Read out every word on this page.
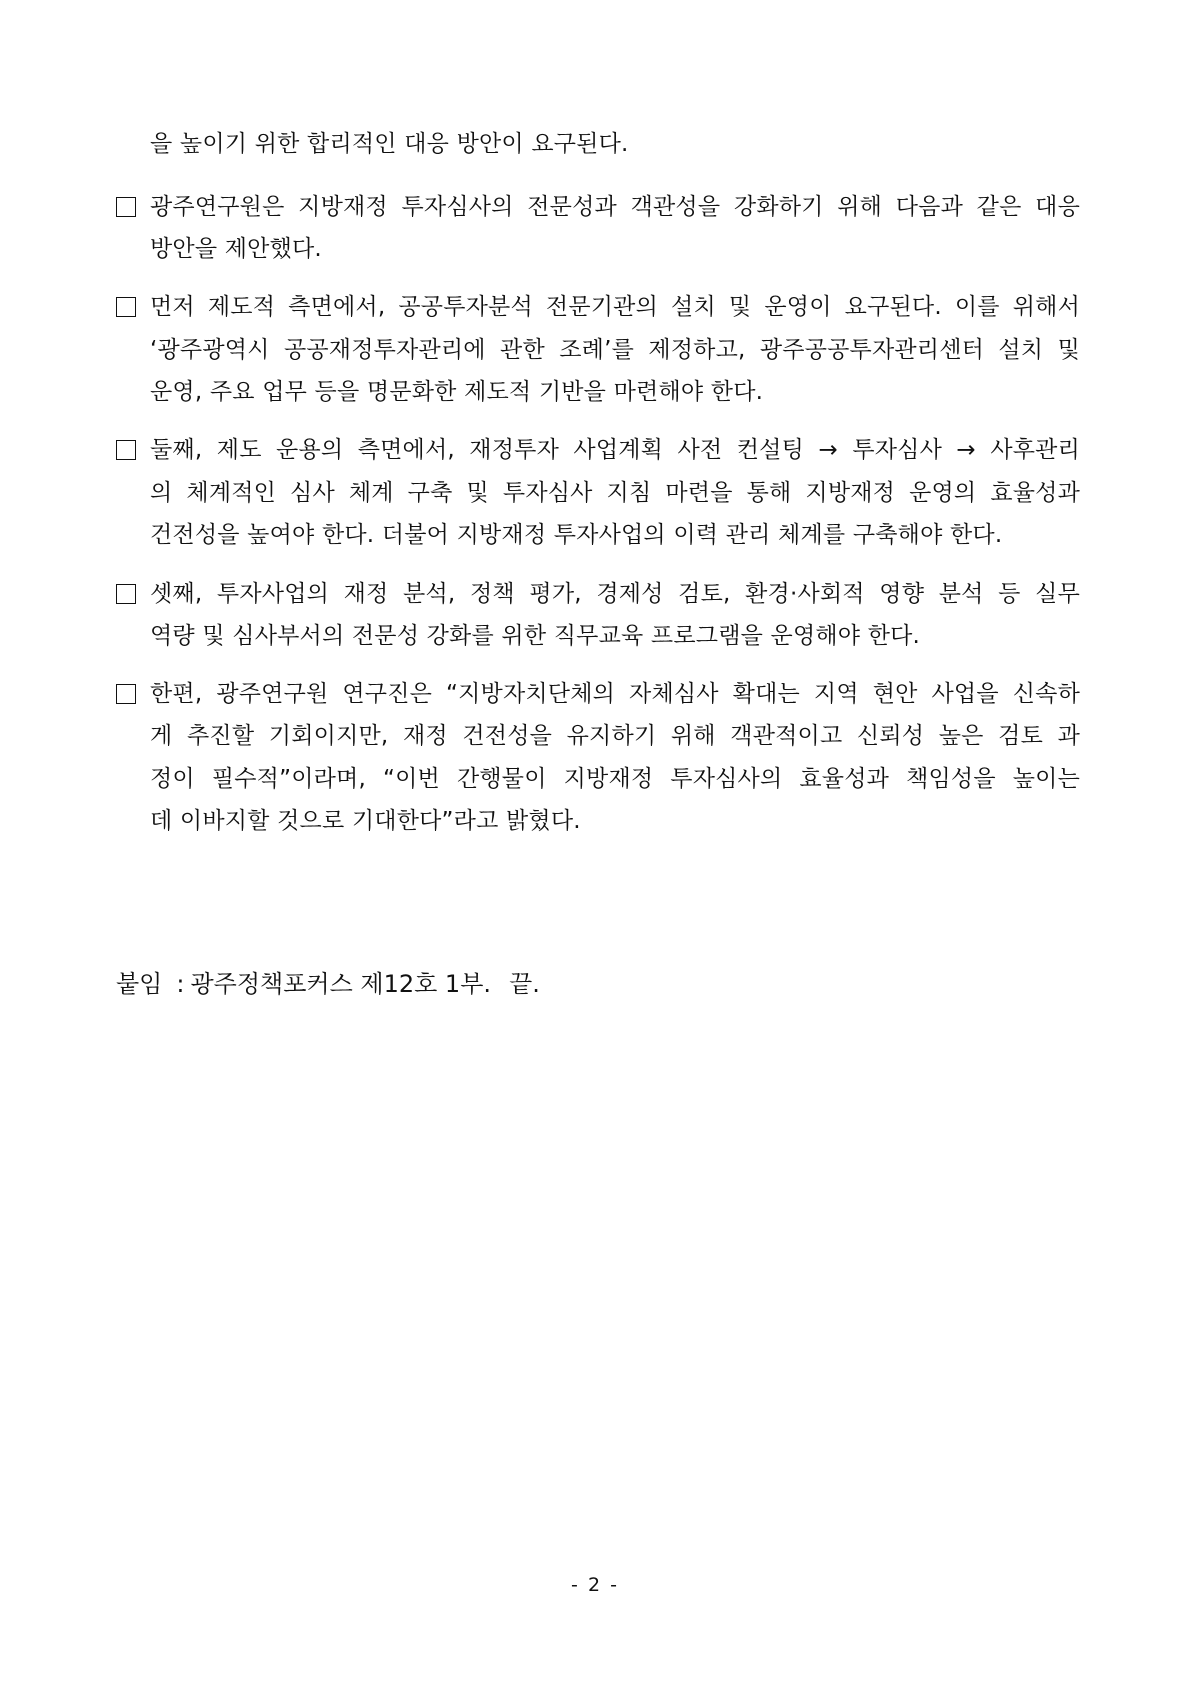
을 높이기 위한 합리적인 대응 방안이 요구된다.
광주연구원은 지방재정 투자심사의 전문성과 객관성을 강화하기 위해 다음과 같은 대응
방안을 제안했다.
먼저 제도적 측면에서, 공공투자분석 전문기관의 설치 및 운영이 요구된다. 이를 위해서
‘광주광역시 공공재정투자관리에 관한 조례’를 제정하고, 광주공공투자관리센터 설치 및
운영, 주요 업무 등을 명문화한 제도적 기반을 마련해야 한다.
둘째, 제도 운용의 측면에서, 재정투자 사업계획 사전 컨설팅 → 투자심사 → 사후관리
의 체계적인 심사 체계 구축 및 투자심사 지침 마련을 통해 지방재정 운영의 효율성과
건전성을 높여야 한다. 더불어 지방재정 투자사업의 이력 관리 체계를 구축해야 한다.
셋째, 투자사업의 재정 분석, 정책 평가, 경제성 검토, 환경·사회적 영향 분석 등 실무
역량 및 심사부서의 전문성 강화를 위한 직무교육 프로그램을 운영해야 한다.
한편, 광주연구원 연구진은 “지방자치단체의 자체심사 확대는 지역 현안 사업을 신속하
게 추진할 기회이지만, 재정 건전성을 유지하기 위해 객관적이고 신뢰성 높은 검토 과
정이 필수적”이라며, “이번 간행물이 지방재정 투자심사의 효율성과 책임성을 높이는
데 이바지할 것으로 기대한다”라고 밝혔다.
붙임 : 광주정책포커스 제12호 1부. 끝.
- 2 -
